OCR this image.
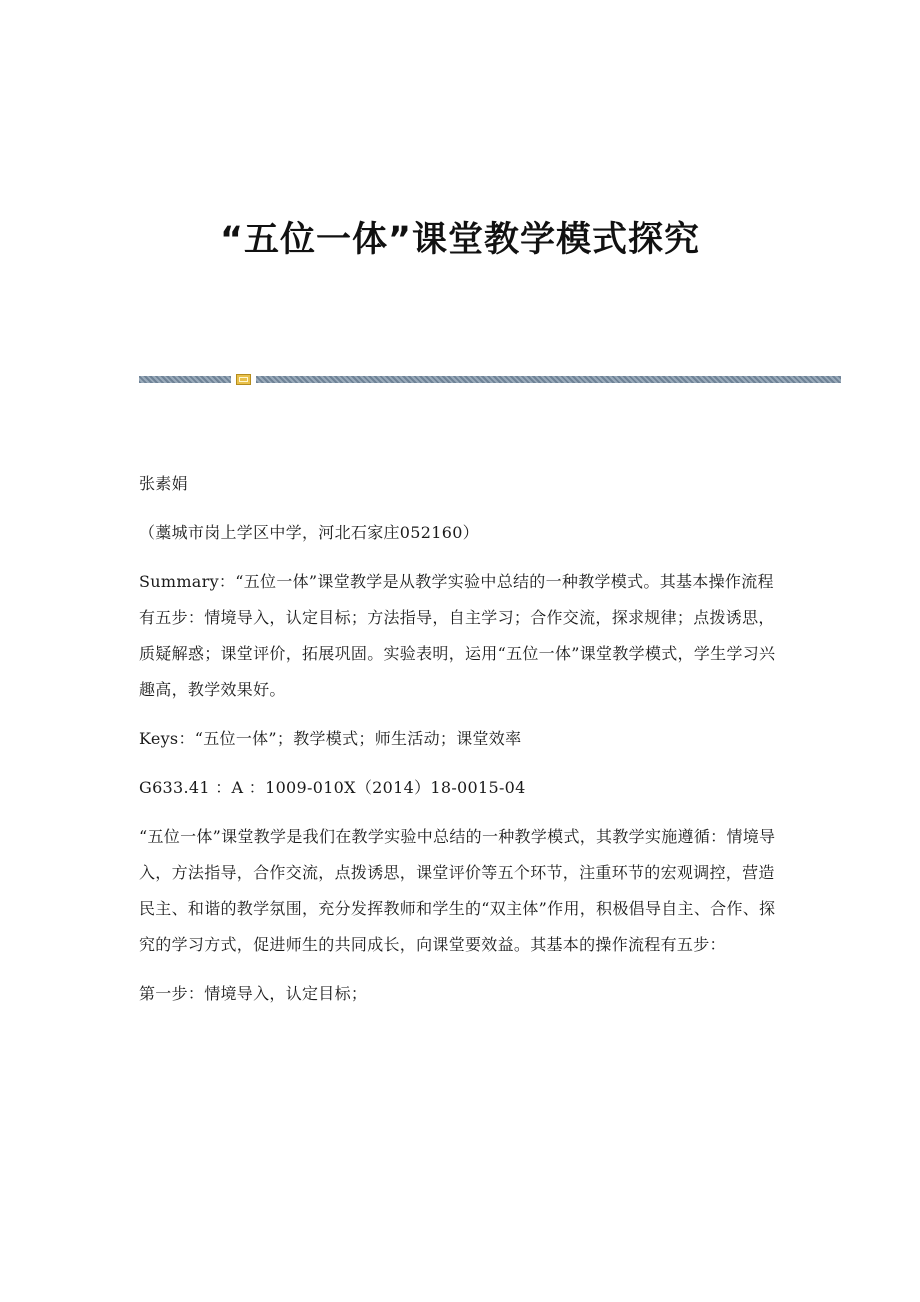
“五位一体”课堂教学模式探究

张素娟

（藁城市岗上学区中学，河北石家庄052160）

Summary：“五位一体”课堂教学是从教学实验中总结的一种教学模式。其基本操作流程有五步：情境导入，认定目标；方法指导，自主学习；合作交流，探求规律；点拨诱思，质疑解惑；课堂评价，拓展巩固。实验表明，运用“五位一体”课堂教学模式，学生学习兴趣高，教学效果好。

Keys：“五位一体”；教学模式；师生活动；课堂效率

G633.41 ：A ：1009-010X（2014）18-0015-04

“五位一体”课堂教学是我们在教学实验中总结的一种教学模式，其教学实施遵循：情境导入，方法指导，合作交流，点拨诱思，课堂评价等五个环节，注重环节的宏观调控，营造民主、和谐的教学氛围，充分发挥教师和学生的“双主体”作用，积极倡导自主、合作、探究的学习方式，促进师生的共同成长，向课堂要效益。其基本的操作流程有五步：

第一步：情境导入，认定目标；
